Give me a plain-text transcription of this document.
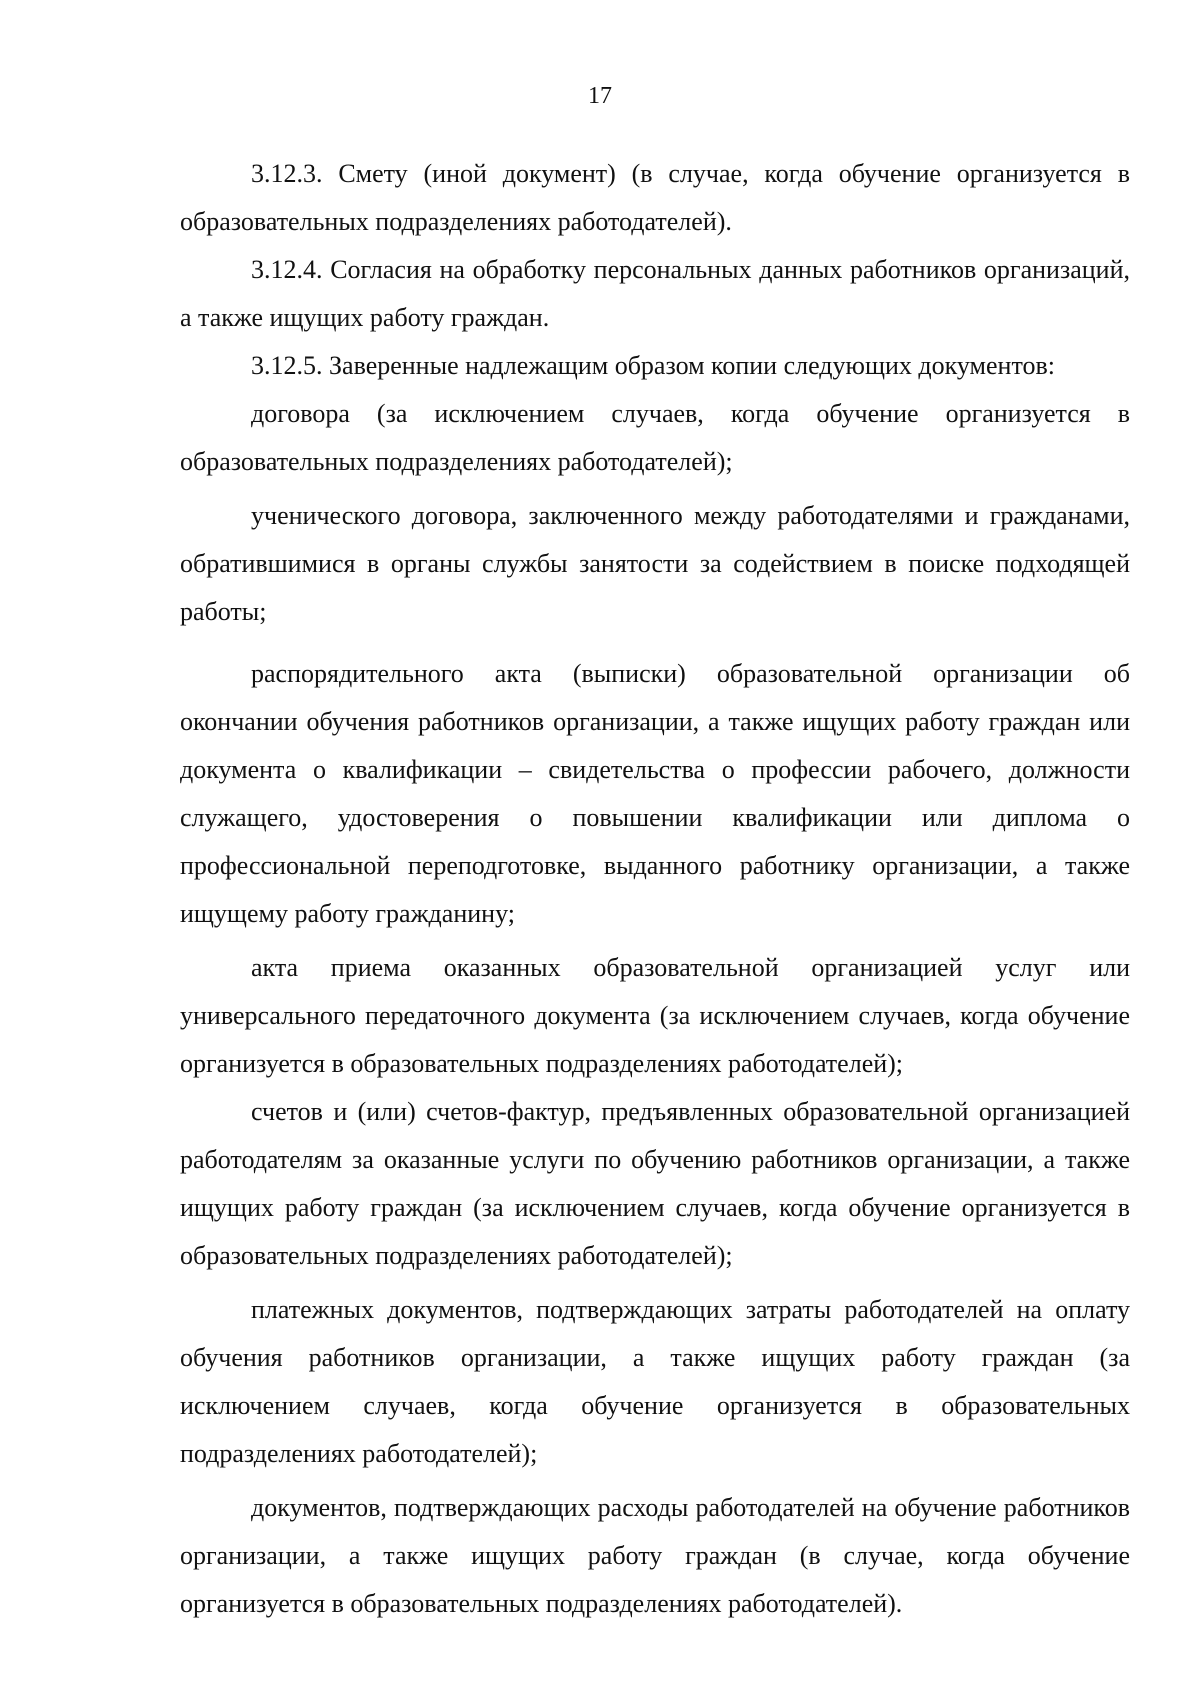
17

3.12.3. Смету (иной документ) (в случае, когда обучение организуется в образовательных подразделениях работодателей).

3.12.4. Согласия на обработку персональных данных работников организаций, а также ищущих работу граждан.

3.12.5. Заверенные надлежащим образом копии следующих документов:

договора (за исключением случаев, когда обучение организуется в образовательных подразделениях работодателей);

ученического договора, заключенного между работодателями и гражданами, обратившимися в органы службы занятости за содействием в поиске подходящей работы;

распорядительного акта (выписки) образовательной организации об окончании обучения работников организации, а также ищущих работу граждан или документа о квалификации – свидетельства о профессии рабочего, должности служащего, удостоверения о повышении квалификации или диплома о профессиональной переподготовке, выданного работнику организации, а также ищущему работу гражданину;

акта приема оказанных образовательной организацией услуг или универсального передаточного документа (за исключением случаев, когда обучение организуется в образовательных подразделениях работодателей);

счетов и (или) счетов-фактур, предъявленных образовательной организацией работодателям за оказанные услуги по обучению работников организации, а также ищущих работу граждан (за исключением случаев, когда обучение организуется в образовательных подразделениях работодателей);

платежных документов, подтверждающих затраты работодателей на оплату обучения работников организации, а также ищущих работу граждан (за исключением случаев, когда обучение организуется в образовательных подразделениях работодателей);

документов, подтверждающих расходы работодателей на обучение работников организации, а также ищущих работу граждан (в случае, когда обучение организуется в образовательных подразделениях работодателей).
